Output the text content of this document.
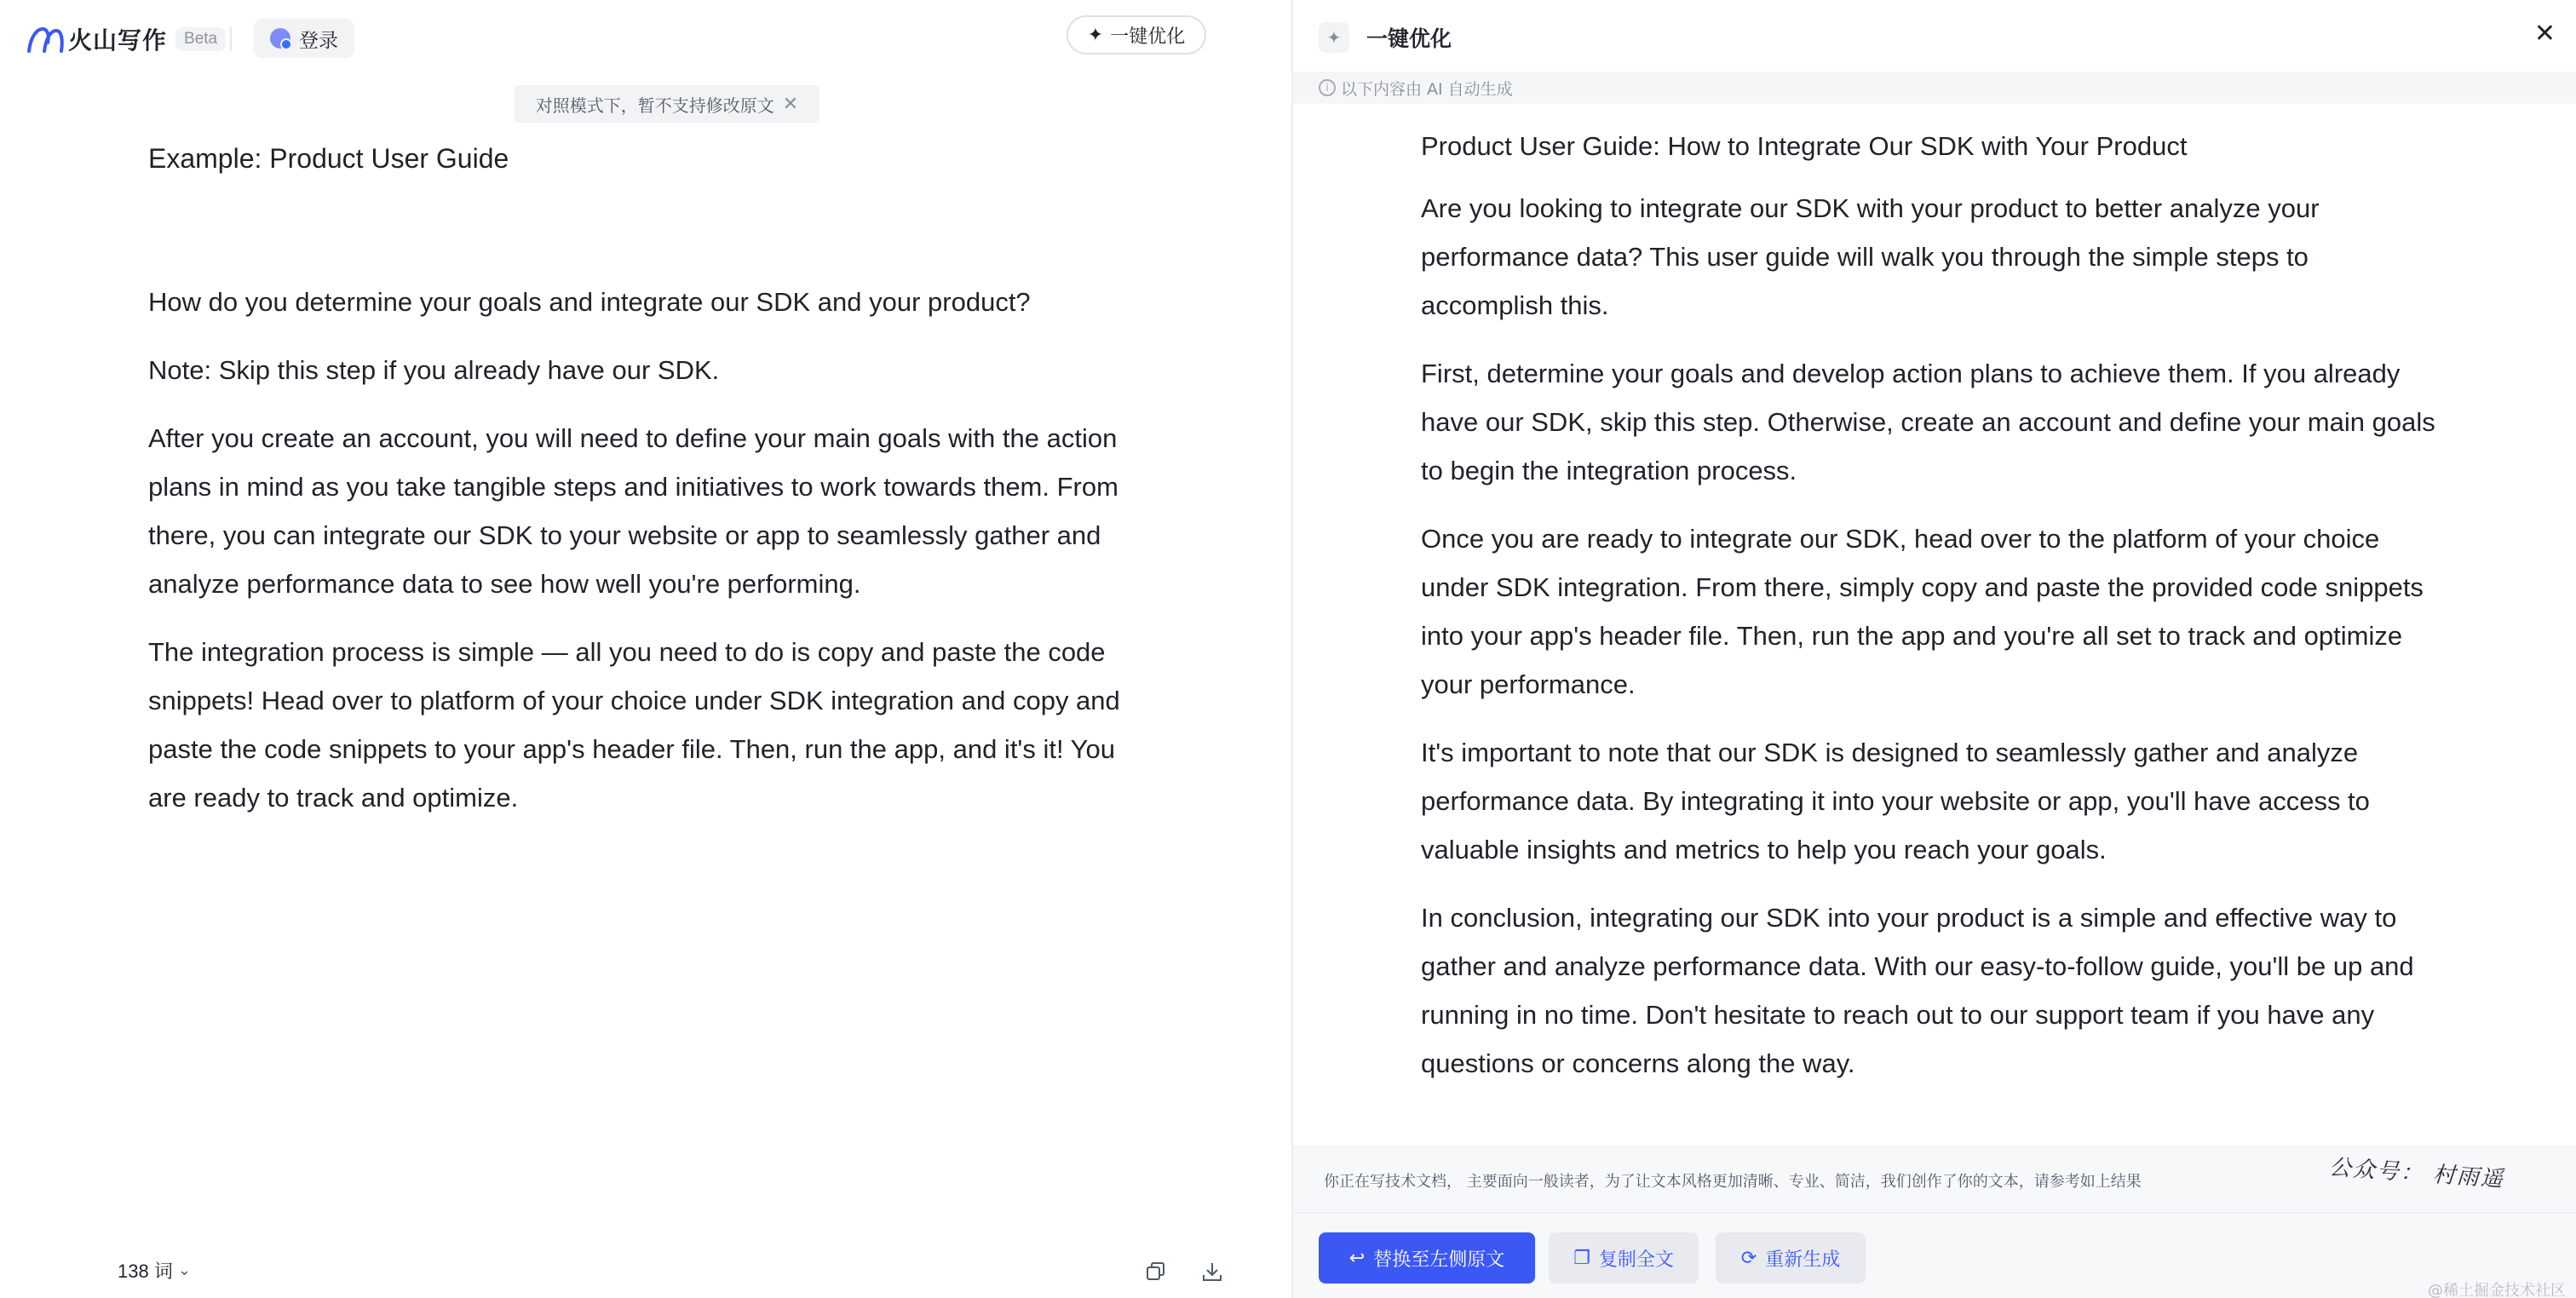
火山写作	Beta	登录	✦ 一键优化
对照模式下，暂不支持修改原文 ✕
Example: Product User Guide

How do you determine your goals and integrate our SDK and your product?

Note: Skip this step if you already have our SDK.

After you create an account, you will need to define your main goals with the action plans in mind as you take tangible steps and initiatives to work towards them. From there, you can integrate our SDK to your website or app to seamlessly gather and analyze performance data to see how well you're performing.

The integration process is simple — all you need to do is copy and paste the code snippets! Head over to platform of your choice under SDK integration and copy and paste the code snippets to your app's header file. Then, run the app, and it's it! You are ready to track and optimize.

138 词 ⌄
✦	一键优化	✕
i 以下内容由 AI 自动生成
Product User Guide: How to Integrate Our SDK with Your Product

Are you looking to integrate our SDK with your product to better analyze your performance data? This user guide will walk you through the simple steps to accomplish this.

First, determine your goals and develop action plans to achieve them. If you already have our SDK, skip this step. Otherwise, create an account and define your main goals to begin the integration process.

Once you are ready to integrate our SDK, head over to the platform of your choice under SDK integration. From there, simply copy and paste the provided code snippets into your app's header file. Then, run the app and you're all set to track and optimize your performance.

It's important to note that our SDK is designed to seamlessly gather and analyze performance data. By integrating it into your website or app, you'll have access to valuable insights and metrics to help you reach your goals.

In conclusion, integrating our SDK into your product is a simple and effective way to gather and analyze performance data. With our easy-to-follow guide, you'll be up and running in no time. Don't hesitate to reach out to our support team if you have any questions or concerns along the way.

你正在写技术文档， 主要面向一般读者，为了让文本风格更加清晰、专业、简洁，我们创作了你的文本，请参考如上结果	公众号： 村雨遥
↩ 替换至左侧原文	❐ 复制全文	⟳ 重新生成
@稀土掘金技术社区
